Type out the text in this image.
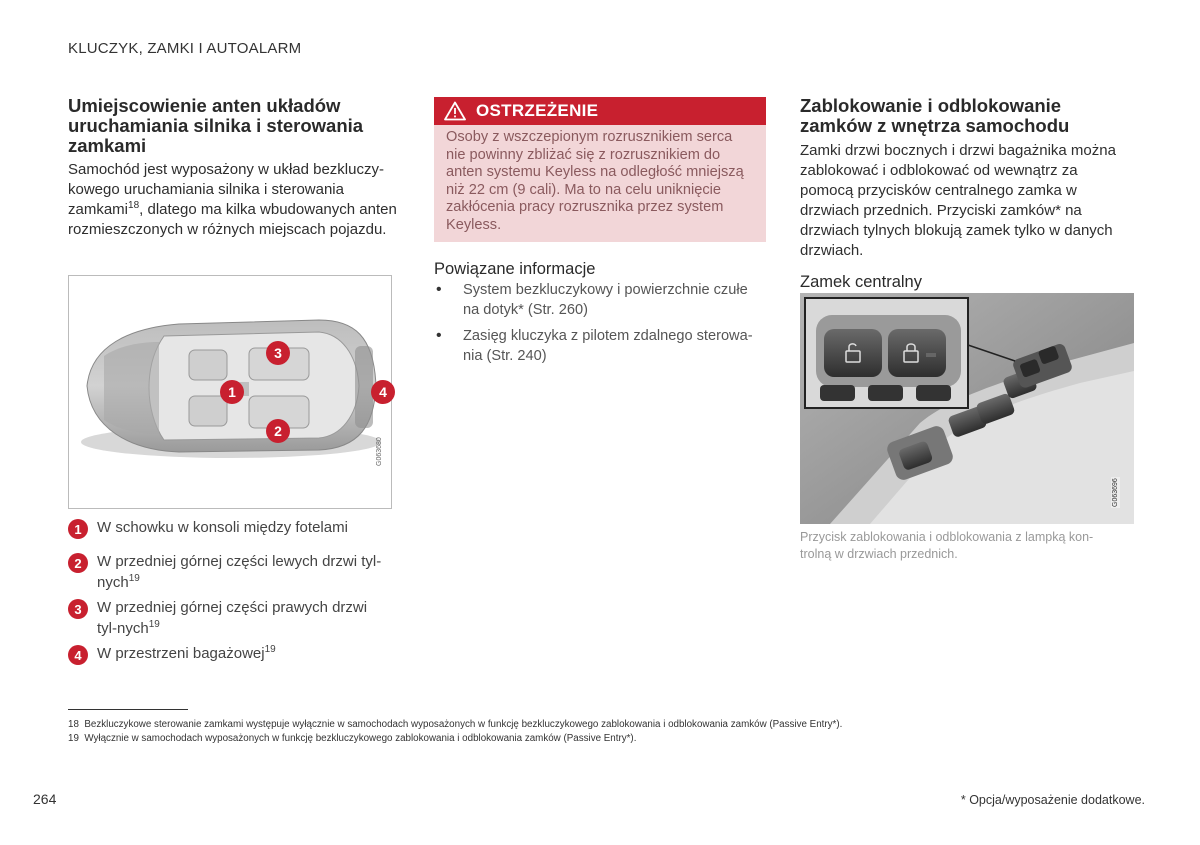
KLUCZYK, ZAMKI I AUTOALARM
Umiejscowienie anten układów uruchamiania silnika i sterowania zamkami
Samochód jest wyposażony w układ bezkluczy-kowego uruchamiania silnika i sterowania zamkami$^{18}$, dlatego ma kilka wbudowanych anten rozmieszczonych w różnych miejscach pojazdu.
3
1
2
4
G063680
1	W schowku w konsoli między fotelami
2	W przedniej górnej części lewych drzwi tyl-nych$^{19}$
3	W przedniej górnej części prawych drzwi tyl-nych$^{19}$
4	W przestrzeni bagażowej$^{19}$
OSTRZEŻENIE
Osoby z wszczepionym rozrusznikiem serca nie powinny zbliżać się z rozrusznikiem do anten systemu Keyless na odległość mniejszą niż 22 cm (9 cali). Ma to na celu uniknięcie zakłócenia pracy rozrusznika przez system Keyless.
Powiązane informacje
• System bezkluczykowy i powierzchnie czułe na dotyk* (Str. 260)
• Zasięg kluczyka z pilotem zdalnego sterowa-nia (Str. 240)
Zablokowanie i odblokowanie zamków z wnętrza samochodu
Zamki drzwi bocznych i drzwi bagażnika można zablokować i odblokować od wewnątrz za pomocą przycisków centralnego zamka w drzwiach przednich. Przyciski zamków* na drzwiach tylnych blokują zamek tylko w danych drzwiach.
Zamek centralny
G063696
Przycisk zablokowania i odblokowania z lampką kon-trolną w drzwiach przednich.
18 Bezkluczykowe sterowanie zamkami występuje wyłącznie w samochodach wyposażonych w funkcję bezkluczykowego zablokowania i odblokowania zamków (Passive Entry*).
19 Wyłącznie w samochodach wyposażonych w funkcję bezkluczykowego zablokowania i odblokowania zamków (Passive Entry*).
264	* Opcja/wyposażenie dodatkowe.
